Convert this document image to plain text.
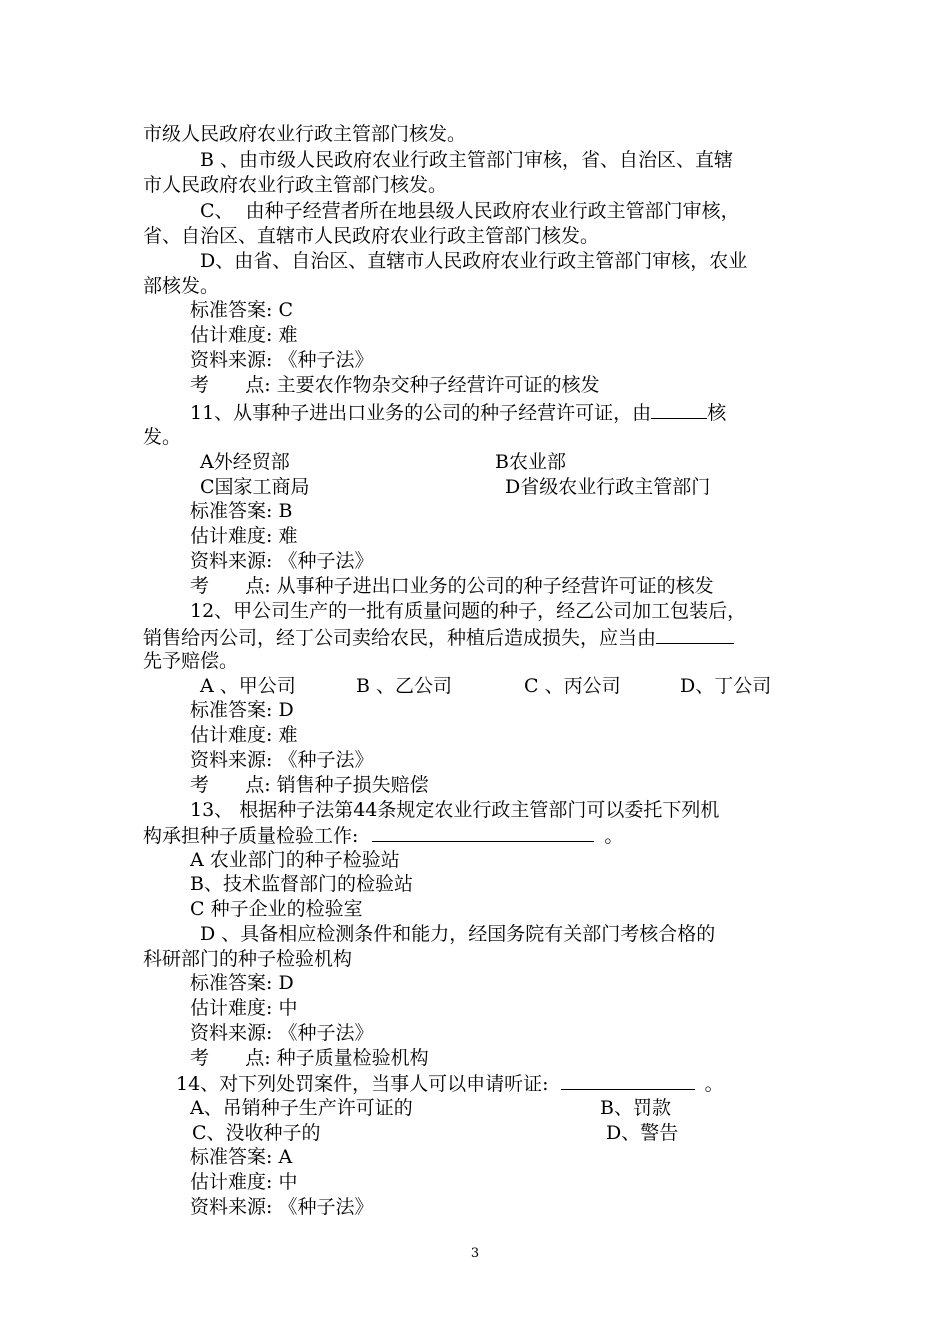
市级人民政府农业行政主管部门核发。
B 、由市级人民政府农业行政主管部门审核，省、自治区、直辖
市人民政府农业行政主管部门核发。
C、  由种子经营者所在地县级人民政府农业行政主管部门审核，
省、自治区、直辖市人民政府农业行政主管部门核发。
D、由省、自治区、直辖市人民政府农业行政主管部门审核，农业
部核发。
标准答案: C
估计难度: 难
资料来源: 《种子法》
考      点: 主要农作物杂交种子经营许可证的核发
11、从事种子进出口业务的公司的种子经营许可证，由	核
发。
A外经贸部	B农业部
C国家工商局	D省级农业行政主管部门
标准答案: B
估计难度: 难
资料来源: 《种子法》
考      点: 从事种子进出口业务的公司的种子经营许可证的核发
12、甲公司生产的一批有质量问题的种子，经乙公司加工包装后，
销售给丙公司，经丁公司卖给农民，种植后造成损失，应当由
先予赔偿。
A 、甲公司	B 、乙公司	C 、丙公司	D、丁公司
标准答案: D
估计难度: 难
资料来源: 《种子法》
考      点: 销售种子损失赔偿
13、 根据种子法第44条规定农业行政主管部门可以委托下列机
构承担种子质量检验工作:	。
A 农业部门的种子检验站
B、技术监督部门的检验站
C 种子企业的检验室
D 、具备相应检测条件和能力，经国务院有关部门考核合格的
科研部门的种子检验机构
标准答案: D
估计难度: 中
资料来源: 《种子法》
考      点: 种子质量检验机构
14、对下列处罚案件，当事人可以申请听证:	。
A、吊销种子生产许可证的	B、罚款
C、没收种子的	D、警告
标准答案: A
估计难度: 中
资料来源: 《种子法》
3
